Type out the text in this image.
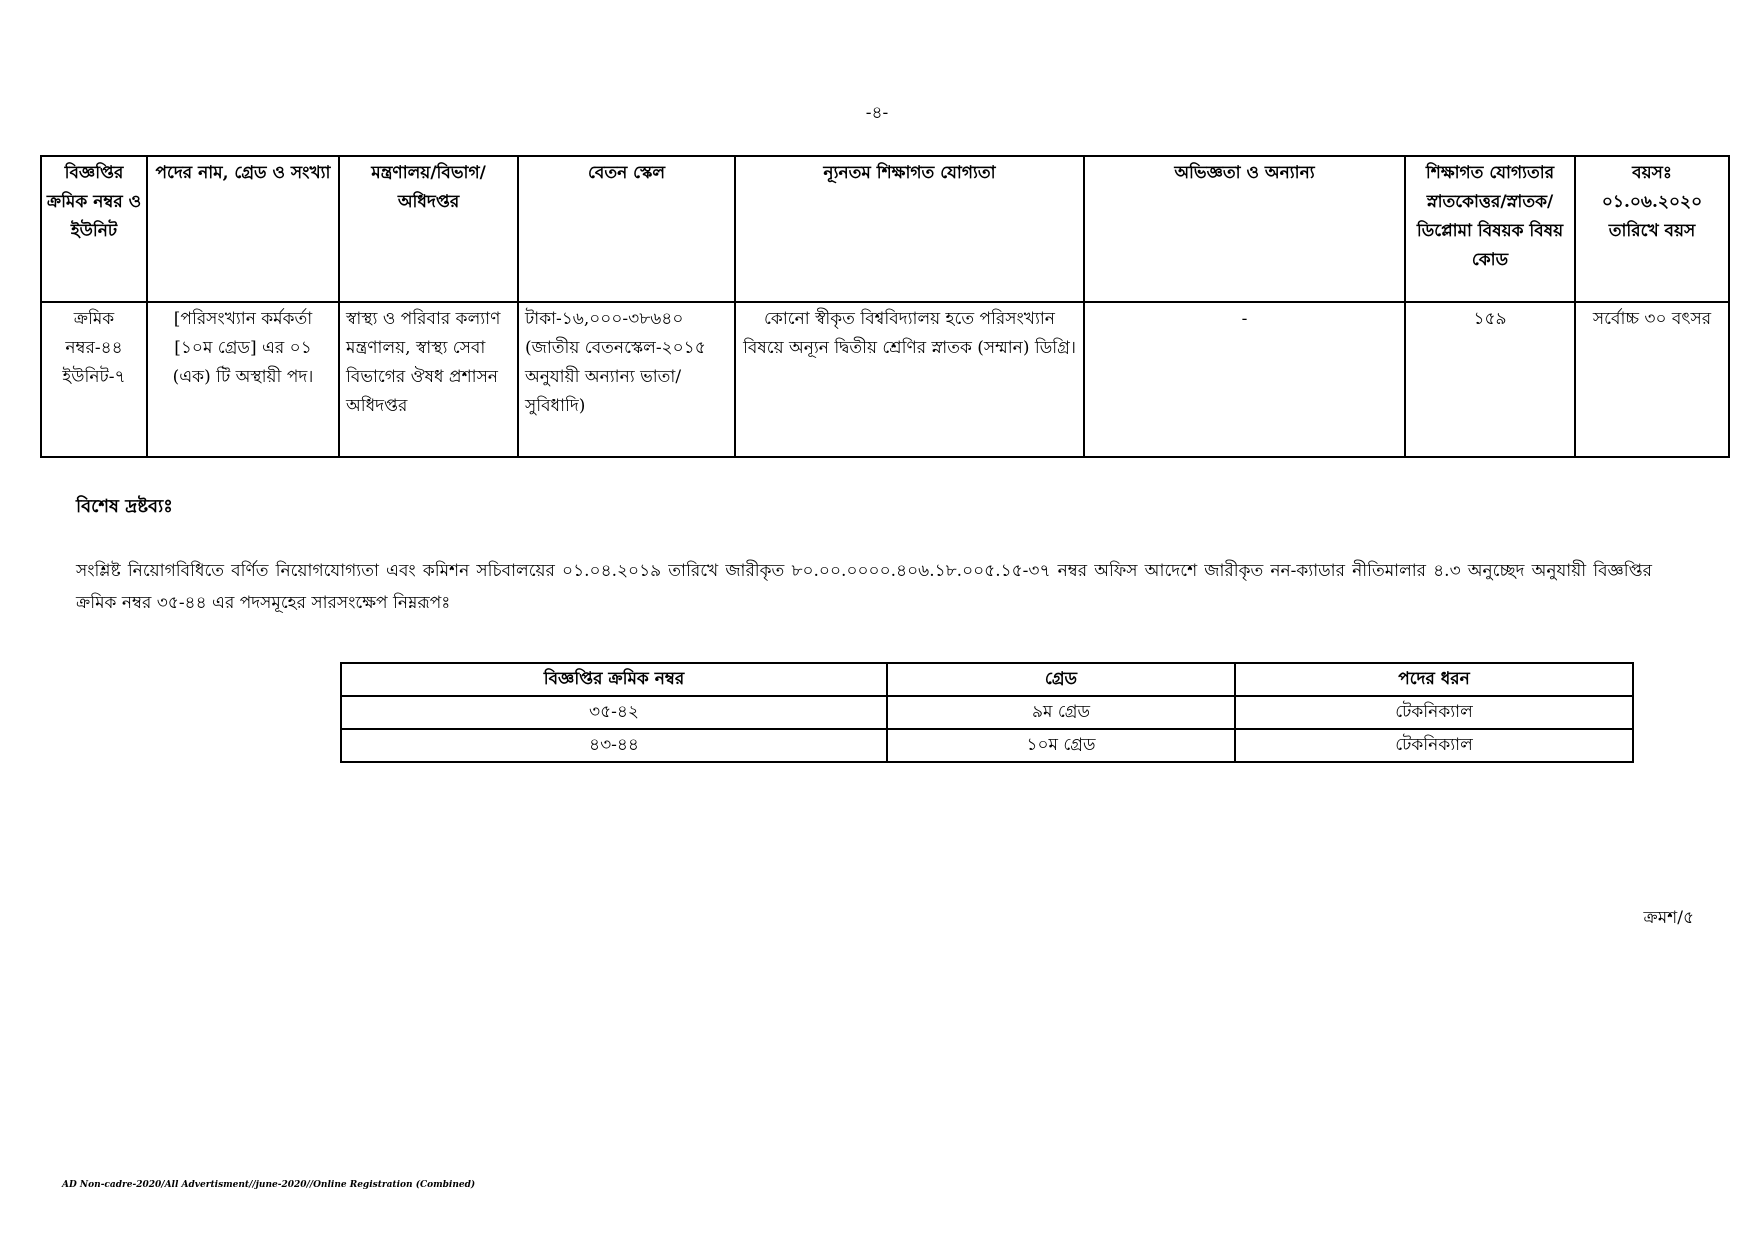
-৪-
বিজ্ঞপ্তির ক্রমিক নম্বর ও ইউনিট	পদের নাম, গ্রেড ও সংখ্যা	মন্ত্রণালয়/বিভাগ/ অধিদপ্তর	বেতন স্কেল	ন্যূনতম শিক্ষাগত যোগ্যতা	অভিজ্ঞতা ও অন্যান্য	শিক্ষাগত যোগ্যতার স্নাতকোত্তর/স্নাতক/ ডিপ্লোমা বিষয়ক বিষয় কোড	বয়সঃ ০১.০৬.২০২০ তারিখে বয়স
ক্রমিক নম্বর-৪৪ ইউনিট-৭	[পরিসংখ্যান কর্মকর্তা [১০ম গ্রেড] এর ০১ (এক) টি অস্থায়ী পদ।	স্বাস্থ্য ও পরিবার কল্যাণ মন্ত্রণালয়, স্বাস্থ্য সেবা বিভাগের ঔষধ প্রশাসন অধিদপ্তর	টাকা-১৬,০০০-৩৮৬৪০ (জাতীয় বেতনস্কেল-২০১৫ অনুযায়ী অন্যান্য ভাতা/সুবিধাদি)	কোনো স্বীকৃত বিশ্ববিদ্যালয় হতে পরিসংখ্যান বিষয়ে অন্যূন দ্বিতীয় শ্রেণির স্নাতক (সম্মান) ডিগ্রি।	-	১৫৯	সর্বোচ্চ ৩০ বৎসর
বিশেষ দ্রষ্টব্যঃ
সংশ্লিষ্ট নিয়োগবিধিতে বর্ণিত নিয়োগযোগ্যতা এবং কমিশন সচিবালয়ের ০১.০৪.২০১৯ তারিখে জারীকৃত ৮০.০০.০০০০.৪০৬.১৮.০০৫.১৫-৩৭ নম্বর অফিস আদেশে জারীকৃত নন-ক্যাডার নীতিমালার ৪.৩ অনুচ্ছেদ অনুযায়ী বিজ্ঞপ্তির ক্রমিক নম্বর ৩৫-৪৪ এর পদসমূহের সারসংক্ষেপ নিম্নরূপঃ
বিজ্ঞপ্তির ক্রমিক নম্বর	গ্রেড	পদের ধরন
৩৫-৪২	৯ম গ্রেড	টেকনিক্যাল
৪৩-৪৪	১০ম গ্রেড	টেকনিক্যাল
ক্রমশ/৫
AD Non-cadre-2020/All Advertisment//june-2020//Online Registration (Combined)
